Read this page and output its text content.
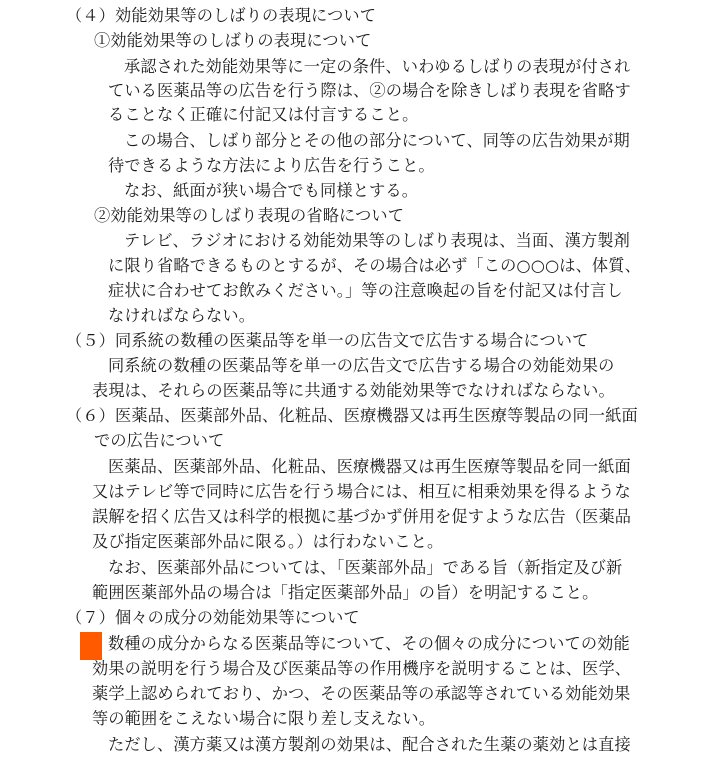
（４）効能効果等のしばりの表現について

①効能効果等のしばりの表現について

承認された効能効果等に一定の条件、いわゆるしばりの表現が付され

ている医薬品等の広告を行う際は、②の場合を除きしばり表現を省略す

ることなく正確に付記又は付言すること。

この場合、しばり部分とその他の部分について、同等の広告効果が期

待できるような方法により広告を行うこと。

なお、紙面が狭い場合でも同様とする。

②効能効果等のしばり表現の省略について

テレビ、ラジオにおける効能効果等のしばり表現は、当面、漢方製剤

に限り省略できるものとするが、その場合は必ず「この○○○は、体質、

症状に合わせてお飲みください。」等の注意喚起の旨を付記又は付言し

なければならない。

（５）同系統の数種の医薬品等を単一の広告文で広告する場合について

同系統の数種の医薬品等を単一の広告文で広告する場合の効能効果の

表現は、それらの医薬品等に共通する効能効果等でなければならない。

（６）医薬品、医薬部外品、化粧品、医療機器又は再生医療等製品の同一紙面

での広告について

医薬品、医薬部外品、化粧品、医療機器又は再生医療等製品を同一紙面

又はテレビ等で同時に広告を行う場合には、相互に相乗効果を得るような

誤解を招く広告又は科学的根拠に基づかず併用を促すような広告（医薬品

及び指定医薬部外品に限る。）は行わないこと。

なお、医薬部外品については、「医薬部外品」である旨（新指定及び新

範囲医薬部外品の場合は「指定医薬部外品」の旨）を明記すること。

（７）個々の成分の効能効果等について

数種の成分からなる医薬品等について、その個々の成分についての効能

効果の説明を行う場合及び医薬品等の作用機序を説明することは、医学、

薬学上認められており、かつ、その医薬品等の承認等されている効能効果

等の範囲をこえない場合に限り差し支えない。

ただし、漢方薬又は漢方製剤の効果は、配合された生薬の薬効とは直接
